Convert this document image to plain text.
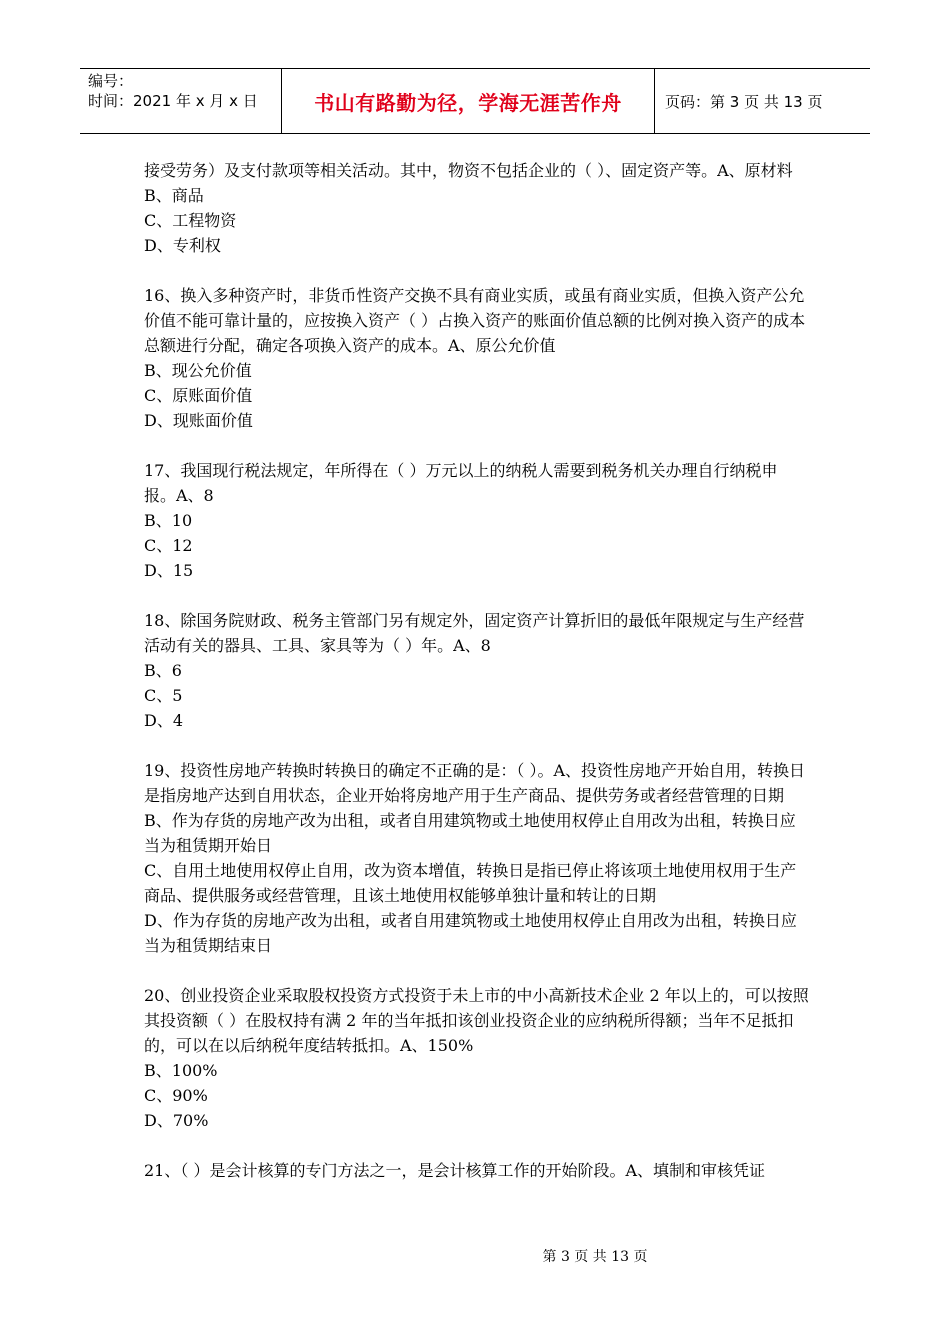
编号：
时间：2021 年 x 月 x 日	书山有路勤为径，学海无涯苦作舟	页码：第 3 页 共 13 页

接受劳务）及支付款项等相关活动。其中，物资不包括企业的（ ）、固定资产等。A、原材料

B、商品

C、工程物资

D、专利权

16、换入多种资产时，非货币性资产交换不具有商业实质，或虽有商业实质，但换入资产公允价值不能可靠计量的，应按换入资产（ ）占换入资产的账面价值总额的比例对换入资产的成本总额进行分配，确定各项换入资产的成本。A、原公允价值

B、现公允价值

C、原账面价值

D、现账面价值

17、我国现行税法规定，年所得在（ ）万元以上的纳税人需要到税务机关办理自行纳税申报。A、8

B、10

C、12

D、15

18、除国务院财政、税务主管部门另有规定外，固定资产计算折旧的最低年限规定与生产经营活动有关的器具、工具、家具等为（ ）年。A、8

B、6

C、5

D、4

19、投资性房地产转换时转换日的确定不正确的是：（ ）。A、投资性房地产开始自用，转换日是指房地产达到自用状态，企业开始将房地产用于生产商品、提供劳务或者经营管理的日期

B、作为存货的房地产改为出租，或者自用建筑物或土地使用权停止自用改为出租，转换日应当为租赁期开始日

C、自用土地使用权停止自用，改为资本增值，转换日是指已停止将该项土地使用权用于生产商品、提供服务或经营管理，且该土地使用权能够单独计量和转让的日期

D、作为存货的房地产改为出租，或者自用建筑物或土地使用权停止自用改为出租，转换日应当为租赁期结束日

20、创业投资企业采取股权投资方式投资于未上市的中小高新技术企业 2 年以上的，可以按照其投资额（ ）在股权持有满 2 年的当年抵扣该创业投资企业的应纳税所得额；当年不足抵扣的，可以在以后纳税年度结转抵扣。A、150%

B、100%

C、90%

D、70%

21、（ ）是会计核算的专门方法之一，是会计核算工作的开始阶段。A、填制和审核凭证

第 3 页 共 13 页
